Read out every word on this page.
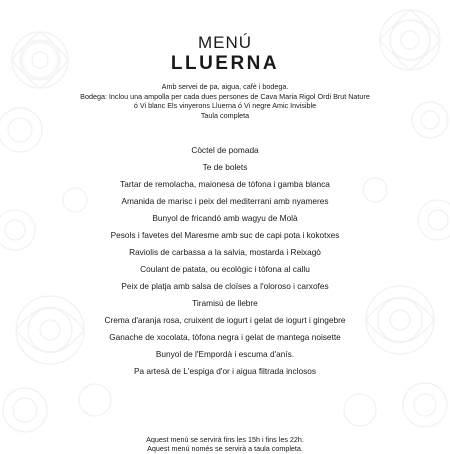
MENÚ
LLUERNA
Amb servei de pa, aigua, cafè i bodega.
Bodega: Inclou una ampolla per cada dues persones de Cava Maria Rigol Ordi Brut Nature
ó Vi blanc Els vinyerons Lluerna ó Vi negre Amic Invisible
Taula completa
Còctel de pomada
Te de bolets
Tartar de remolacha, maionesa de tòfona i gamba blanca
Amanida de marisc i peix del mediterrani amb nyameres
Bunyol de fricandó amb wagyu de Molà
Pesols i favetes del Maresme amb suc de capi pota i kokotxes
Raviolis de carbassa a la salvia, mostarda i Reixagò
Coulant de patata, ou ecològic i tòfona al callu
Peix de platja amb salsa de cloïses a l'oloroso i carxofes
Tiramisú de llebre
Crema d'aranja rosa, cruixent de iogurt i gelat de iogurt i gingebre
Ganache de xocolata, tòfona negra i gelat de mantega noisette
Bunyol de l'Empordà i escuma d'anís.
Pa artesà de L'espiga d'or i aigua filtrada inclosos
Aquest menú se servirà fins les 15h i fins les 22h.
Aquest menú només se servirà a taula completa.
